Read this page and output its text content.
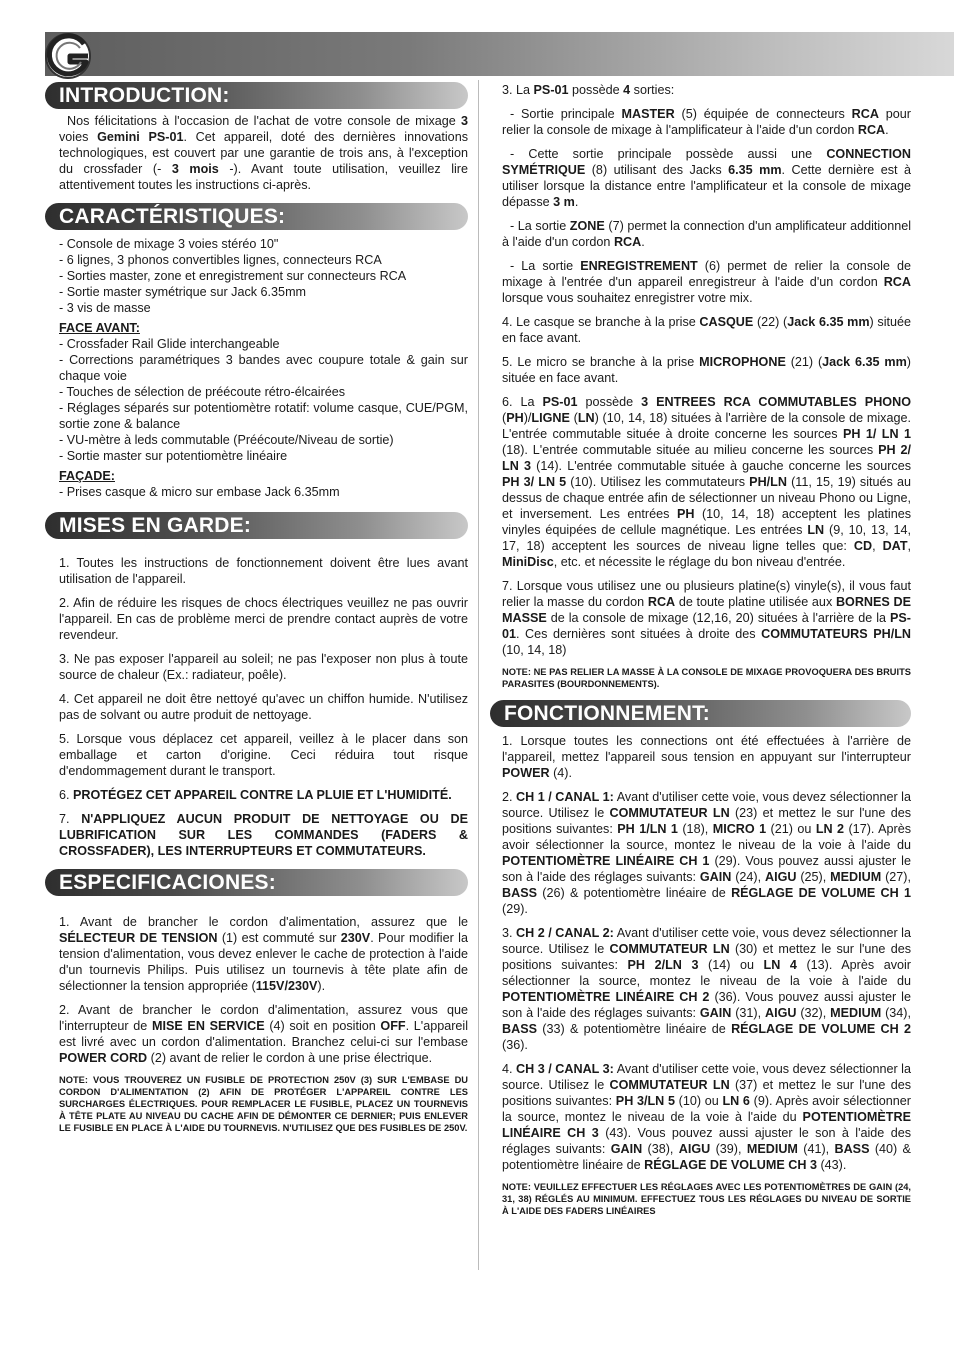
INTRODUCTION:

Nos félicitations à l'occasion de l'achat de votre console de mixage 3 voies Gemini PS-01. Cet appareil, doté des dernières innovations technologiques, est couvert par une garantie de trois ans, à l'exception du crossfader (- 3 mois -). Avant toute utilisation, veuillez lire attentivement toutes les instructions ci-après.

CARACTÉRISTIQUES:
- Console de mixage 3 voies stéréo 10"
- 6 lignes, 3 phonos convertibles lignes, connecteurs RCA
- Sorties master, zone et enregistrement sur connecteurs RCA
- Sortie master symétrique sur Jack 6.35mm
- 3 vis de masse
FACE AVANT:
- Crossfader Rail Glide interchangeable
- Corrections paramétriques 3 bandes avec coupure totale & gain sur chaque voie
- Touches de sélection de préécoute rétro-élcairées
- Réglages séparés sur potentiomètre rotatif: volume casque, CUE/PGM, sortie zone & balance
- VU-mètre à leds commutable (Préécoute/Niveau de sortie)
- Sortie master sur potentiomètre linéaire
FAÇADE:
- Prises casque & micro sur embase Jack 6.35mm
MISES EN GARDE:

1. Toutes les instructions de fonctionnement doivent être lues avant utilisation de l'appareil.

2. Afin de réduire les risques de chocs électriques veuillez ne pas ouvrir l'appareil. En cas de problème merci de prendre contact auprès de votre revendeur.

3. Ne pas exposer l'appareil au soleil; ne pas l'exposer non plus à toute source de chaleur (Ex.: radiateur, poêle).

4. Cet appareil ne doit être nettoyé qu'avec un chiffon humide. N'utilisez pas de solvant ou autre produit de nettoyage.

5. Lorsque vous déplacez cet appareil, veillez à le placer dans son emballage et carton d'origine. Ceci réduira tout risque d'endommagement durant le transport.

6. PROTÉGEZ CET APPAREIL CONTRE LA PLUIE ET L'HUMIDITÉ.

7. N'APPLIQUEZ AUCUN PRODUIT DE NETTOYAGE OU DE LUBRIFICATION SUR LES COMMANDES (FADERS & CROSSFADER), LES INTERRUPTEURS ET COMMUTATEURS.

ESPECIFICACIONES:

1. Avant de brancher le cordon d'alimentation, assurez que le SÉLECTEUR DE TENSION (1) est commuté sur 230V. Pour modifier la tension d'alimentation, vous devez enlever le cache de protection à l'aide d'un tournevis Philips. Puis utilisez un tournevis à tête plate afin de sélectionner la tension appropriée (115V/230V).

2. Avant de brancher le cordon d'alimentation, assurez vous que l'interrupteur de MISE EN SERVICE (4) soit en position OFF. L'appareil est livré avec un cordon d'alimentation. Branchez celui-ci sur l'embase POWER CORD (2) avant de relier le cordon à une prise électrique.

NOTE: VOUS TROUVEREZ UN FUSIBLE DE PROTECTION 250V (3) SUR L'EMBASE DU CORDON D'ALIMENTATION (2) AFIN DE PROTÉGER L'APPAREIL CONTRE LES SURCHARGES ÉLECTRIQUES. POUR REMPLACER LE FUSIBLE, PLACEZ UN TOURNEVIS À TÊTE PLATE AU NIVEAU DU CACHE AFIN DE DÉMONTER CE DERNIER; PUIS ENLEVER LE FUSIBLE EN PLACE À L'AIDE DU TOURNEVIS. N'UTILISEZ QUE DES FUSIBLES DE 250V.

3. La PS-01 possède 4 sorties:

- Sortie principale MASTER (5) équipée de connecteurs RCA pour relier la console de mixage à l'amplificateur à l'aide d'un cordon RCA.

- Cette sortie principale possède aussi une CONNECTION SYMÉTRIQUE (8) utilisant des Jacks 6.35 mm. Cette dernière est à utiliser lorsque la distance entre l'amplificateur et la console de mixage dépasse 3 m.

- La sortie ZONE (7) permet la connection d'un amplificateur additionnel à l'aide d'un cordon RCA.

- La sortie ENREGISTREMENT (6) permet de relier la console de mixage à l'entrée d'un appareil enregistreur à l'aide d'un cordon RCA lorsque vous souhaitez enregistrer votre mix.

4. Le casque se branche à la prise CASQUE (22) (Jack 6.35 mm) située en face avant.

5. Le micro se branche à la prise MICROPHONE (21) (Jack 6.35 mm) située en face avant.

6. La PS-01 possède 3 ENTREES RCA COMMUTABLES PHONO (PH)/LIGNE (LN) (10, 14, 18) situées à l'arrière de la console de mixage. L'entrée commutable située à droite concerne les sources PH 1/ LN 1 (18). L'entrée commutable située au milieu concerne les sources PH 2/ LN 3 (14). L'entrée commutable située à gauche concerne les sources PH 3/ LN 5 (10). Utilisez les commutateurs PH/LN (11, 15, 19) situés au dessus de chaque entrée afin de sélectionner un niveau Phono ou Ligne, et inversement. Les entrées PH (10, 14, 18) acceptent les platines vinyles équipées de cellule magnétique. Les entrées LN (9, 10, 13, 14, 17, 18) acceptent les sources de niveau ligne telles que: CD, DAT, MiniDisc, etc. et nécessite le réglage du bon niveau d'entrée.

7. Lorsque vous utilisez une ou plusieurs platine(s) vinyle(s), il vous faut relier la masse du cordon RCA de toute platine utilisée aux BORNES DE MASSE de la console de mixage (12,16, 20) situées à l'arrière de la PS-01. Ces dernières sont situées à droite des COMMUTATEURS PH/LN (10, 14, 18)

NOTE: NE PAS RELIER LA MASSE À LA CONSOLE DE MIXAGE PROVOQUERA DES BRUITS PARASITES (BOURDONNEMENTS).

FONCTIONNEMENT:

1. Lorsque toutes les connections ont été effectuées à l'arrière de l'appareil, mettez l'appareil sous tension en appuyant sur l'interrupteur POWER (4).

2. CH 1 / CANAL 1: Avant d'utiliser cette voie, vous devez sélectionner la source. Utilisez le COMMUTATEUR LN (23) et mettez le sur l'une des positions suivantes: PH 1/LN 1 (18), MICRO 1 (21) ou LN 2 (17). Après avoir sélectionner la source, montez le niveau de la voie à l'aide du POTENTIOMÈTRE LINÉAIRE CH 1 (29). Vous pouvez aussi ajuster le son à l'aide des réglages suivants: GAIN (24), AIGU (25), MEDIUM (27), BASS (26) & potentiomètre linéaire de RÉGLAGE DE VOLUME CH 1 (29).

3. CH 2 / CANAL 2: Avant d'utiliser cette voie, vous devez sélectionner la source. Utilisez le COMMUTATEUR LN (30) et mettez le sur l'une des positions suivantes: PH 2/LN 3 (14) ou LN 4 (13). Après avoir sélectionner la source, montez le niveau de la voie à l'aide du POTENTIOMÈTRE LINÉAIRE CH 2 (36). Vous pouvez aussi ajuster le son à l'aide des réglages suivants: GAIN (31), AIGU (32), MEDIUM (34), BASS (33) & potentiomètre linéaire de RÉGLAGE DE VOLUME CH 2 (36).

4. CH 3 / CANAL 3: Avant d'utiliser cette voie, vous devez sélectionner la source. Utilisez le COMMUTATEUR LN (37) et mettez le sur l'une des positions suivantes: PH 3/LN 5 (10) ou LN 6 (9). Après avoir sélectionner la source, montez le niveau de la voie à l'aide du POTENTIOMÈTRE LINÉAIRE CH 3 (43). Vous pouvez aussi ajuster le son à l'aide des réglages suivants: GAIN (38), AIGU (39), MEDIUM (41), BASS (40) & potentiomètre linéaire de RÉGLAGE DE VOLUME CH 3 (43).

NOTE: VEUILLEZ EFFECTUER LES RÉGLAGES AVEC LES POTENTIOMÈTRES DE GAIN (24, 31, 38) RÉGLÉS AU MINIMUM. EFFECTUEZ TOUS LES RÉGLAGES DU NIVEAU DE SORTIE À L'AIDE DES FADERS LINÉAIRES
